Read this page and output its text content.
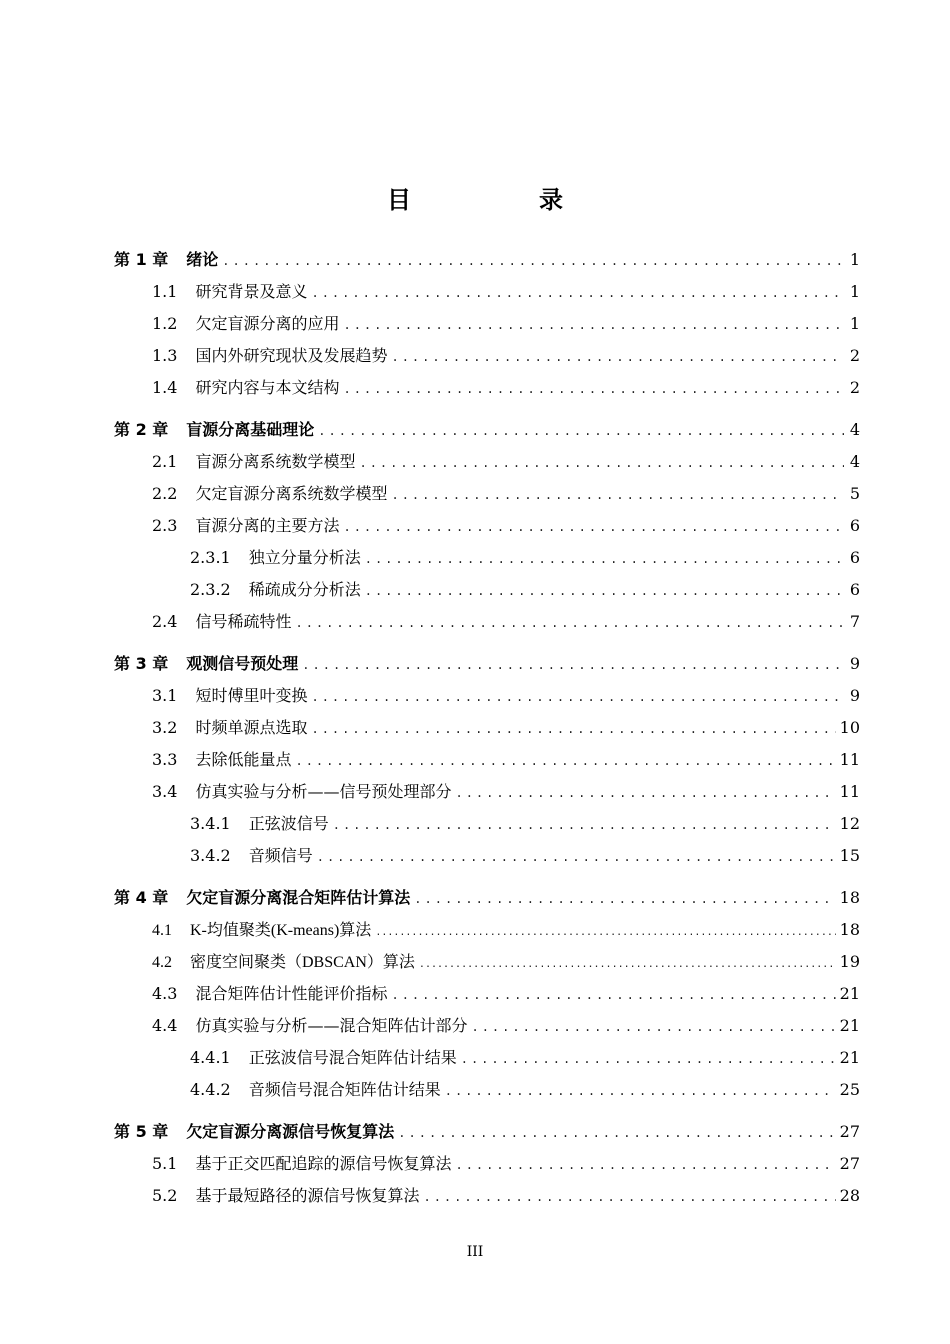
目　录
第 1 章 绪论 .....	1
1.1 研究背景及意义 .....	1
1.2 欠定盲源分离的应用 .....	1
1.3 国内外研究现状及发展趋势 .....	2
1.4 研究内容与本文结构 .....	2
第 2 章 盲源分离基础理论 .....	4
2.1 盲源分离系统数学模型 .....	4
2.2 欠定盲源分离系统数学模型 .....	5
2.3 盲源分离的主要方法 .....	6
2.3.1 独立分量分析法 .....	6
2.3.2 稀疏成分分析法 .....	6
2.4 信号稀疏特性 .....	7
第 3 章 观测信号预处理 .....	9
3.1 短时傅里叶变换 .....	9
3.2 时频单源点选取 .....	10
3.3 去除低能量点 .....	11
3.4 仿真实验与分析——信号预处理部分 .....	11
3.4.1 正弦波信号 .....	12
3.4.2 音频信号 .....	15
第 4 章 欠定盲源分离混合矩阵估计算法 .....	18
4.1 K-均值聚类(K-means)算法 .....	18
4.2 密度空间聚类（DBSCAN）算法 .....	19
4.3 混合矩阵估计性能评价指标 .....	21
4.4 仿真实验与分析——混合矩阵估计部分 .....	21
4.4.1 正弦波信号混合矩阵估计结果 .....	21
4.4.2 音频信号混合矩阵估计结果 .....	25
第 5 章 欠定盲源分离源信号恢复算法 .....	27
5.1 基于正交匹配追踪的源信号恢复算法 .....	27
5.2 基于最短路径的源信号恢复算法 .....	28
III
